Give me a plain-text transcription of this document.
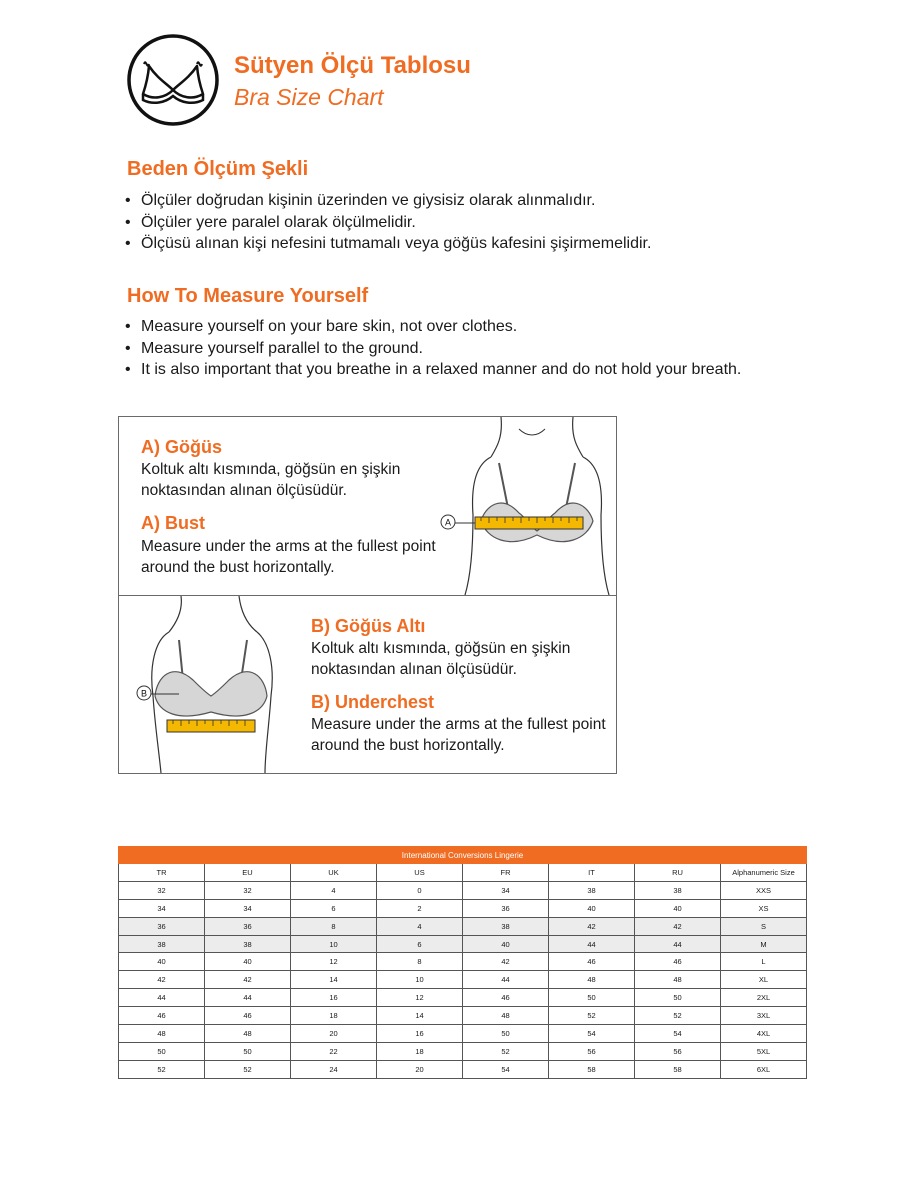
Sütyen Ölçü Tablosu
Bra Size Chart
Beden Ölçüm Şekli
• Ölçüler doğrudan kişinin üzerinden ve giysisiz olarak alınmalıdır.
• Ölçüler yere paralel olarak ölçülmelidir.
• Ölçüsü alınan kişi nefesini tutmamalı veya göğüs kafesini şişirmemelidir.
How To Measure Yourself
• Measure yourself on your bare skin, not over clothes.
• Measure yourself parallel to the ground.
• It is also important that you breathe in a relaxed manner and do not hold your breath.
A) Göğüs
Koltuk altı kısmında, göğsün en şişkin noktasından alınan ölçüsüdür.
A) Bust
Measure under the arms at the fullest point around the bust horizontally.
A
B
B) Göğüs Altı
Koltuk altı kısmında, göğsün en şişkin noktasından alınan ölçüsüdür.
B) Underchest
Measure under the arms at the fullest point around the bust horizontally.
International Conversions Lingerie							
TR	EU	UK	US	FR	IT	RU	Alphanumeric Size
32	32	4	0	34	38	38	XXS
34	34	6	2	36	40	40	XS
36	36	8	4	38	42	42	S
38	38	10	6	40	44	44	M
40	40	12	8	42	46	46	L
42	42	14	10	44	48	48	XL
44	44	16	12	46	50	50	2XL
46	46	18	14	48	52	52	3XL
48	48	20	16	50	54	54	4XL
50	50	22	18	52	56	56	5XL
52	52	24	20	54	58	58	6XL
